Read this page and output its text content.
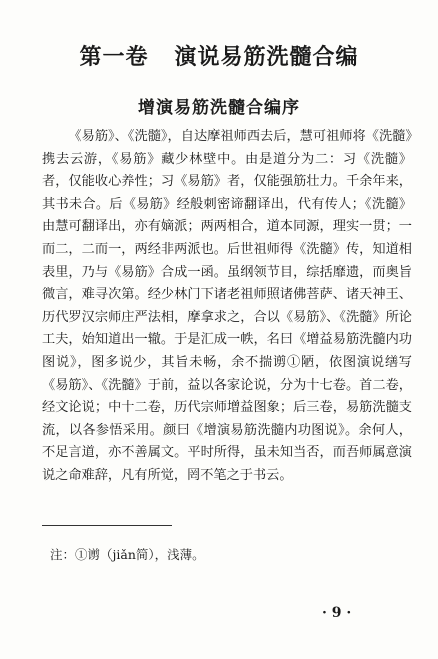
第一卷 演说易筋洗髓合编
增演易筋洗髓合编序

《易筋》、《洗髓》，自达摩祖师西去后，慧可祖师将《洗髓》携去云游，《易筋》藏少林壁中。由是道分为二：习《洗髓》者，仅能收心养性；习《易筋》者，仅能强筋壮力。千余年来，其书未合。后《易筋》经般刺密谛翻译出，代有传人；《洗髓》由慧可翻译出，亦有嫡派；两两相合，道本同源，理实一贯；一而二，二而一，两经非两派也。后世祖师得《洗髓》传，知道相表里，乃与《易筋》合成一函。虽纲领节目，综括靡遗，而奥旨微言，难寻次第。经少林门下诸老祖师照诸佛菩萨、诸天神王、历代罗汉宗师庄严法相，摩拿求之，合以《易筋》、《洗髓》所论工夫，始知道出一辙。于是汇成一帙，名曰《增益易筋洗髓内功图说》，图多说少，其旨未畅，余不揣谫①陋，依图演说缮写《易筋》、《洗髓》于前，益以各家论说，分为十七卷。首二卷，经文论说；中十二卷，历代宗师增益图象；后三卷，易筋洗髓支流，以各参悟采用。颜曰《增演易筋洗髓内功图说》。余何人，不足言道，亦不善属文。平时所得，虽未知当否，而吾师属意演说之命难辞，凡有所觉，罔不笔之于书云。

注：①谫（jiǎn简），浅薄。
· 9 ·
